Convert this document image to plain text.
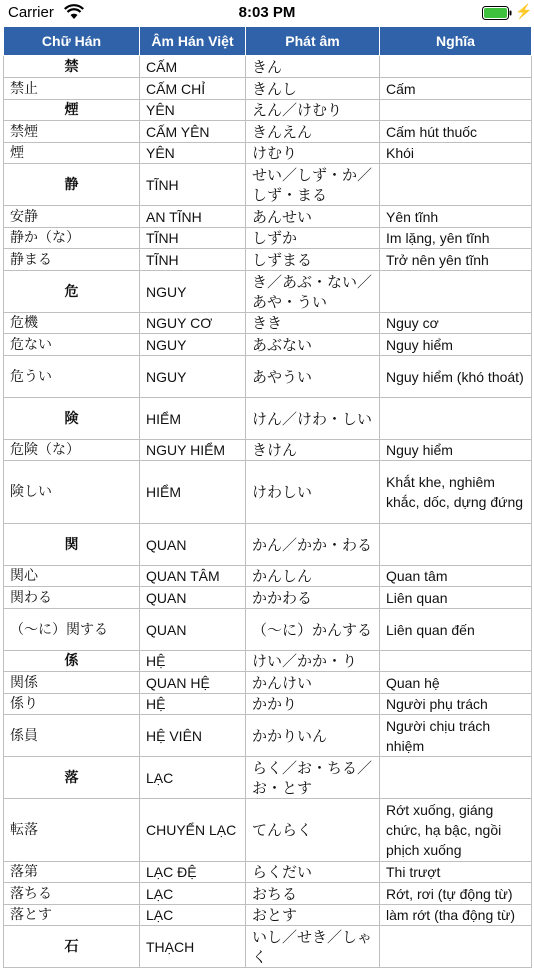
Carrier	8:03 PM	⚡
Chữ Hán	Âm Hán Việt	Phát âm	Nghĩa
禁	CẤM	きん	
禁止	CẤM CHỈ	きんし	Cấm
煙	YÊN	えん／けむり	
禁煙	CẤM YÊN	きんえん	Cấm hút thuốc
煙	YÊN	けむり	Khói
静	TĨNH	せい／しず・か／しず・まる	
安静	AN TĨNH	あんせい	Yên tĩnh
静か（な）	TĨNH	しずか	Im lặng, yên tĩnh
静まる	TĨNH	しずまる	Trở nên yên tĩnh
危	NGUY	き／あぶ・ない／あや・うい	
危機	NGUY CƠ	きき	Nguy cơ
危ない	NGUY	あぶない	Nguy hiểm
危うい	NGUY	あやうい	Nguy hiểm (khó thoát)
険	HIỂM	けん／けわ・しい	
危険（な）	NGUY HIỂM	きけん	Nguy hiểm
険しい	HIỂM	けわしい	Khắt khe, nghiêm khắc, dốc, dựng đứng
関	QUAN	かん／かか・わる	
関心	QUAN TÂM	かんしん	Quan tâm
関わる	QUAN	かかわる	Liên quan
（〜に）関する	QUAN	（〜に）かんする	Liên quan đến
係	HỆ	けい／かか・り	
関係	QUAN HỆ	かんけい	Quan hệ
係り	HỆ	かかり	Người phụ trách
係員	HỆ VIÊN	かかりいん	Người chịu trách nhiệm
落	LẠC	らく／お・ちる／お・とす	
転落	CHUYỂN LẠC	てんらく	Rớt xuống, giáng chức, hạ bậc, ngồi phịch xuống
落第	LẠC ĐỆ	らくだい	Thi trượt
落ちる	LẠC	おちる	Rớt, rơi (tự động từ)
落とす	LẠC	おとす	làm rớt (tha động từ)
石	THẠCH	いし／せき／しゃく	
